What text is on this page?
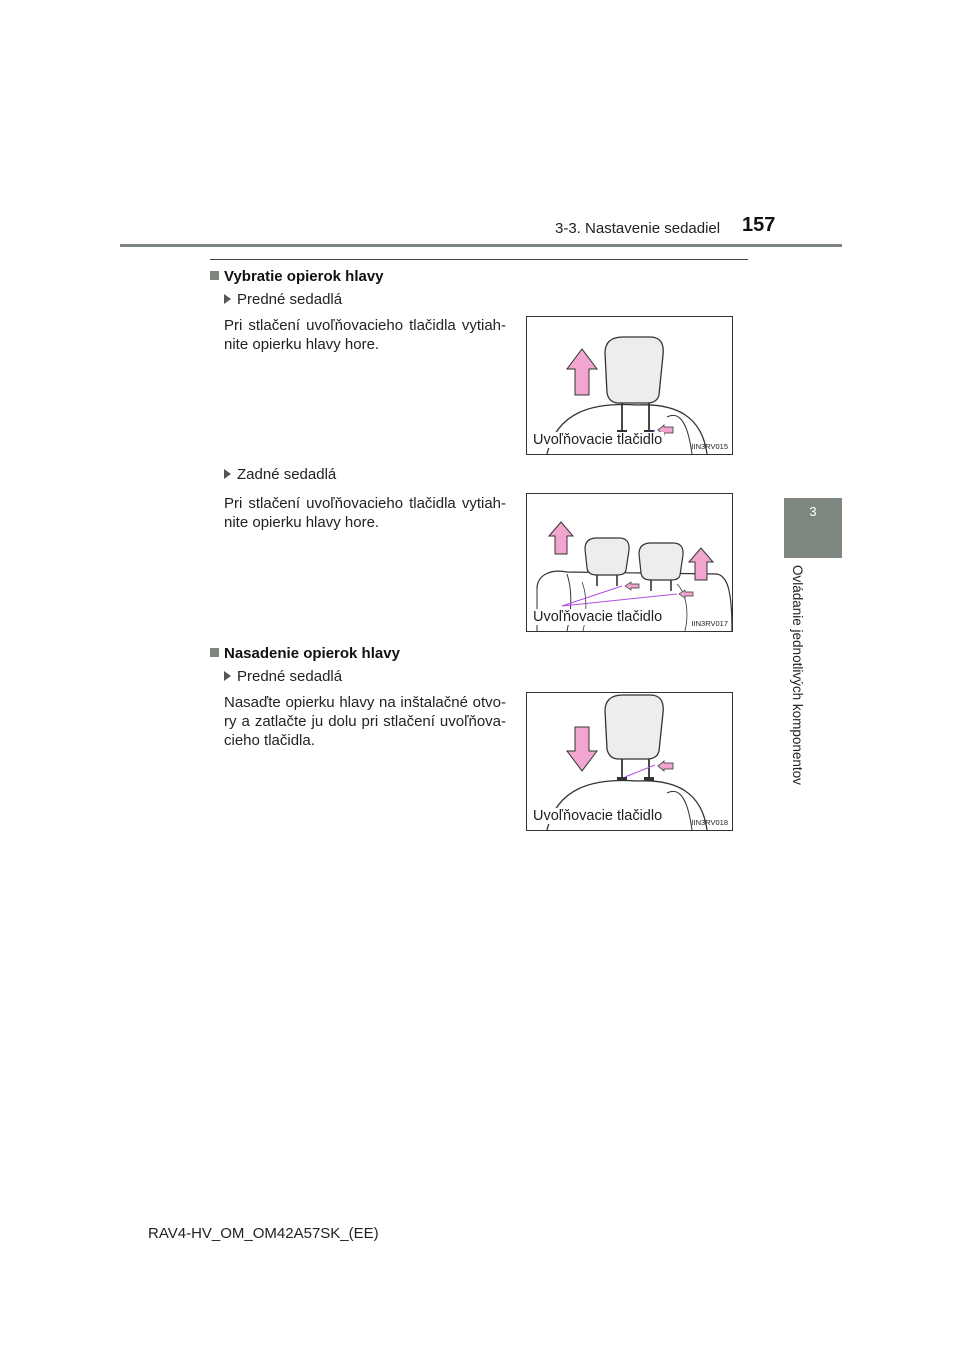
3-3. Nastavenie sedadiel 157
3
Ovládanie jednotlivých komponentov
Vybratie opierok hlavy
Predné sedadlá
Pri stlačení uvoľňovacieho tlačidla vytiah-nite opierku hlavy hore.
Uvoľňovacie tlačidlo	IIN3RV015
Zadné sedadlá
Pri stlačení uvoľňovacieho tlačidla vytiah-nite opierku hlavy hore.
Uvoľňovacie tlačidlo	IIN3RV017
Nasadenie opierok hlavy
Predné sedadlá
Nasaďte opierku hlavy na inštalačné otvo-ry a zatlačte ju dolu pri stlačení uvoľňova-cieho tlačidla.
Uvoľňovacie tlačidlo	IIN3RV018
RAV4-HV_OM_OM42A57SK_(EE)
